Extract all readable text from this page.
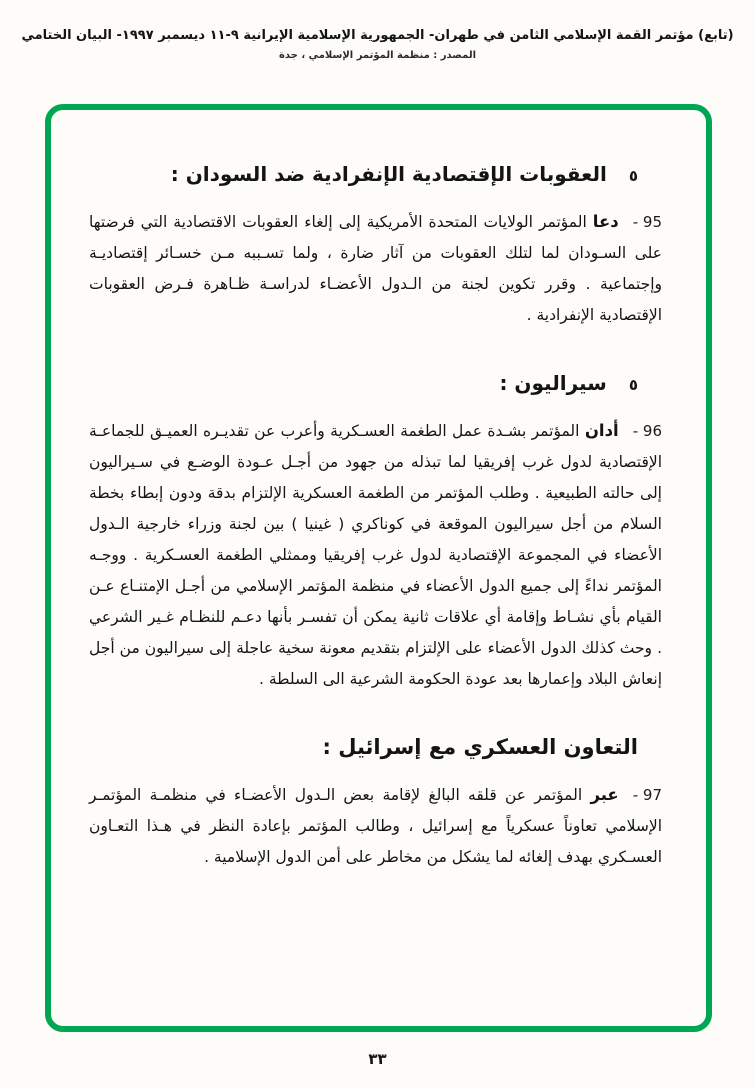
(تابع) مؤتمر القمة الإسلامي الثامن في طهران- الجمهورية الإسلامية الإيرانية ٩-١١ ديسمبر ١٩٩٧- البيان الختامي
المصدر : منظمة المؤتمر الإسلامي ، جدة
٥
العقوبات الإقتصادية الإنفرادية ضد السودان :

- 95دعا المؤتمر الولايات المتحدة الأمريكية إلى إلغاء العقوبات الاقتصادية التي فرضتها على السـودان لما لتلك العقوبات من آثار ضارة ، ولما تسـببه مـن خسـائر إقتصاديـة وإجتماعية . وقرر تكوين لجنة من الـدول الأعضـاء لدراسـة ظـاهرة فـرض العقوبات الإقتصادية الإنفرادية .

٥
سيراليون :

- 96أدان المؤتمر بشـدة عمل الطغمة العسـكرية وأعرب عن تقديـره العميـق للجماعـة الإقتصادية لدول غرب إفريقيا لما تبذله من جهود من أجـل عـودة الوضـع في سـيراليون إلى حالته الطبيعية . وطلب المؤتمر من الطغمة العسكرية الإلتزام بدقة ودون إبطاء بخطة السلام من أجل سيراليون الموقعة في كوناكري ( غينيا ) بين لجنة وزراء خارجية الـدول الأعضاء في المجموعة الإقتصادية لدول غرب إفريقيا وممثلي الطغمة العسـكرية . ووجـه المؤتمر نداءً إلى جميع الدول الأعضاء في منظمة المؤتمر الإسلامي من أجـل الإمتنـاع عـن القيام بأي نشـاط وإقامة أي علاقات ثانية يمكن أن تفسـر بأنها دعـم للنظـام غـير الشرعي . وحث كذلك الدول الأعضاء على الإلتزام بتقديم معونة سخية عاجلة إلى سيراليون من أجل إنعاش البلاد وإعمارها بعد عودة الحكومة الشرعية الى السلطة .

التعاون العسكري مع إسرائيل :

- 97عبر المؤتمر عن قلقه البالغ لإقامة بعض الـدول الأعضـاء في منظمـة المؤتمـر الإسلامي تعاوناً عسكرياً مع إسرائيل ، وطالب المؤتمر بإعادة النظر في هـذا التعـاون العسـكري بهدف إلغائه لما يشكل من مخاطر على أمن الدول الإسلامية .

٣٣
